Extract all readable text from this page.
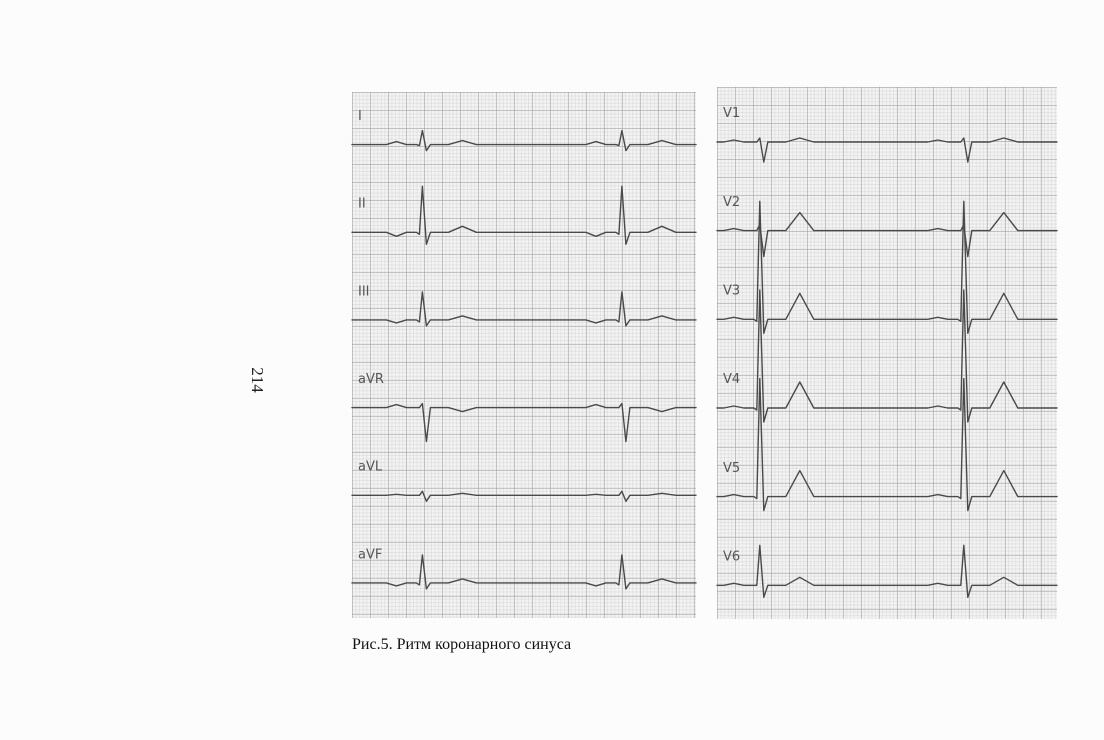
214
I
II
III
aVR
aVL
aVF
V1
V2
V3
V4
V5
V6
Рис.5. Ритм коронарного синуса
